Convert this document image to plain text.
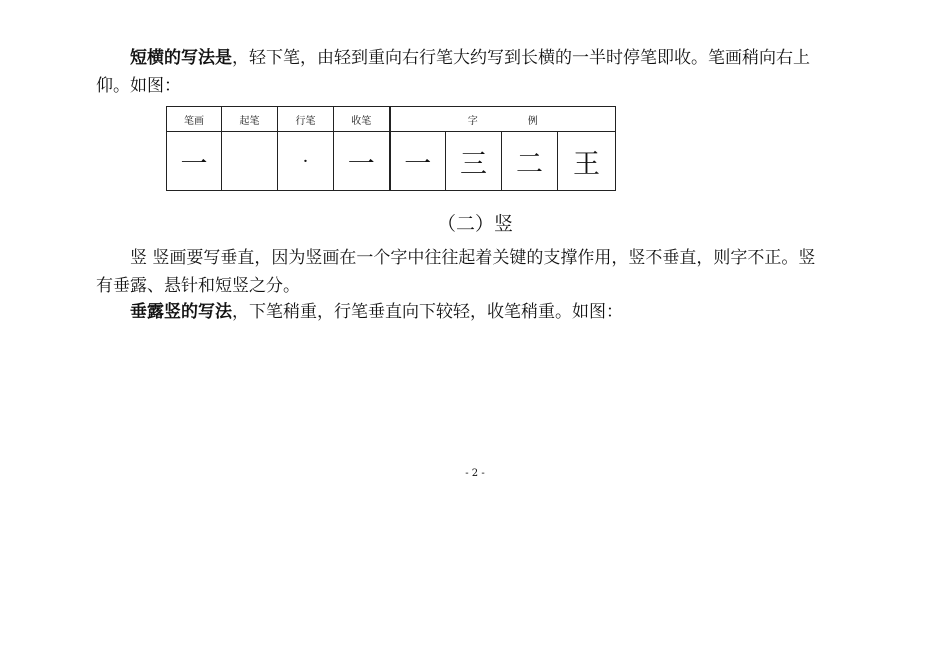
短横的写法是，轻下笔，由轻到重向右行笔大约写到长横的一半时停笔即收。笔画稍向右上仰。如图：

笔画	起笔	行笔	收笔	字 例			
一		·	一	一	三	二	王
（二）竖

竖 竖画要写垂直，因为竖画在一个字中往往起着关键的支撑作用，竖不垂直，则字不正。竖有垂露、悬针和短竖之分。

垂露竖的写法，下笔稍重，行笔垂直向下较轻，收笔稍重。如图：

- 2 -
